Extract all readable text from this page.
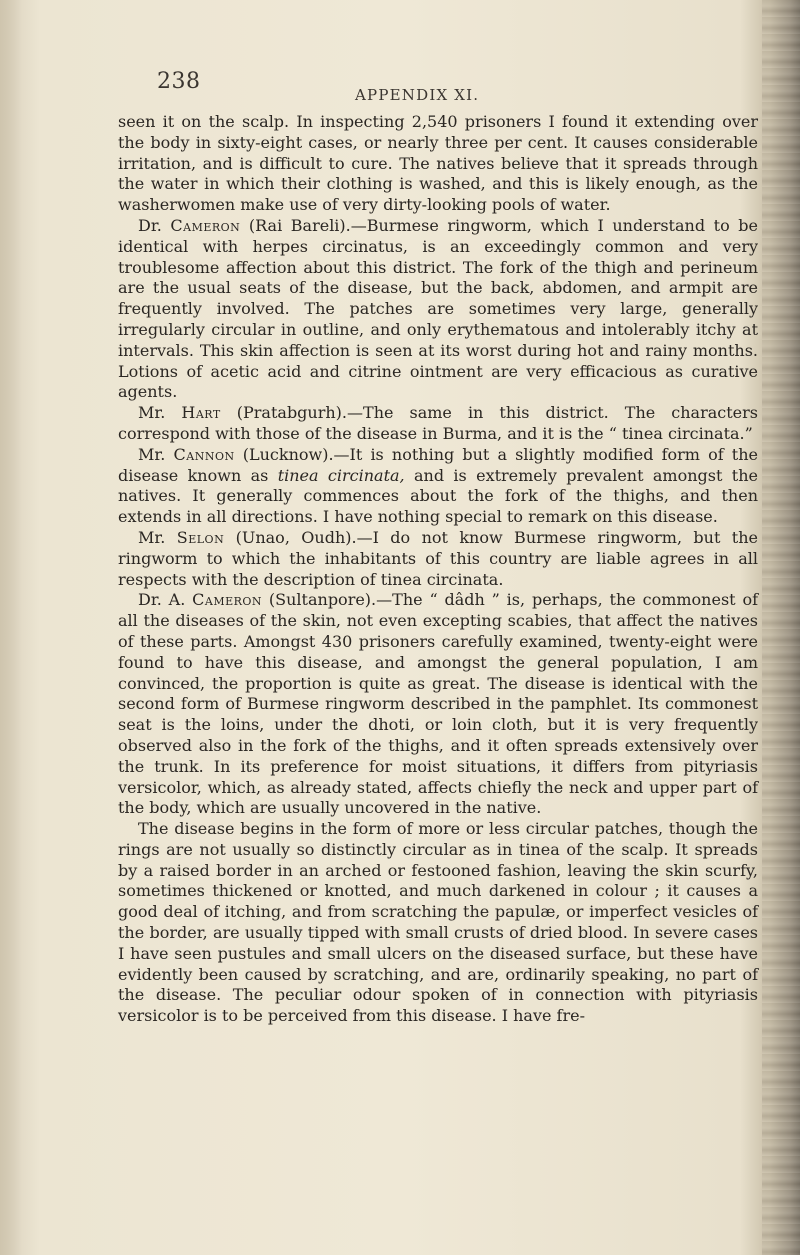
238
APPENDIX XI.

seen it on the scalp. In inspecting 2,540 prisoners I found it extending over the body in sixty-eight cases, or nearly three per cent. It causes considerable irritation, and is difficult to cure. The natives believe that it spreads through the water in which their clothing is washed, and this is likely enough, as the washerwomen make use of very dirty-looking pools of water.

Dr. Cameron (Rai Bareli).—Burmese ringworm, which I understand to be identical with herpes circinatus, is an exceedingly common and very troublesome affection about this district. The fork of the thigh and perineum are the usual seats of the disease, but the back, abdomen, and armpit are frequently involved. The patches are sometimes very large, generally irregularly circular in outline, and only erythematous and intolerably itchy at intervals. This skin affection is seen at its worst during hot and rainy months. Lotions of acetic acid and citrine ointment are very efficacious as curative agents.

Mr. Hart (Pratabgurh).—The same in this district. The characters correspond with those of the disease in Burma, and it is the “ tinea circinata.”

Mr. Cannon (Lucknow).—It is nothing but a slightly modified form of the disease known as tinea circinata, and is extremely prevalent amongst the natives. It generally commences about the fork of the thighs, and then extends in all directions. I have nothing special to remark on this disease.

Mr. Selon (Unao, Oudh).—I do not know Burmese ringworm, but the ringworm to which the inhabitants of this country are liable agrees in all respects with the description of tinea circinata.

Dr. A. Cameron (Sultanpore).—The “ dâdh ” is, perhaps, the commonest of all the diseases of the skin, not even excepting scabies, that affect the natives of these parts. Amongst 430 prisoners carefully examined, twenty-eight were found to have this disease, and amongst the general population, I am convinced, the proportion is quite as great. The disease is identical with the second form of Burmese ringworm described in the pamphlet. Its commonest seat is the loins, under the dhoti, or loin cloth, but it is very frequently observed also in the fork of the thighs, and it often spreads extensively over the trunk. In its preference for moist situations, it differs from pityriasis versicolor, which, as already stated, affects chiefly the neck and upper part of the body, which are usually uncovered in the native.

The disease begins in the form of more or less circular patches, though the rings are not usually so distinctly circular as in tinea of the scalp. It spreads by a raised border in an arched or festooned fashion, leaving the skin scurfy, sometimes thickened or knotted, and much darkened in colour ; it causes a good deal of itching, and from scratching the papulæ, or imperfect vesicles of the border, are usually tipped with small crusts of dried blood. In severe cases I have seen pustules and small ulcers on the diseased surface, but these have evidently been caused by scratching, and are, ordinarily speaking, no part of the disease. The peculiar odour spoken of in connection with pityriasis versicolor is to be perceived from this disease. I have fre-
